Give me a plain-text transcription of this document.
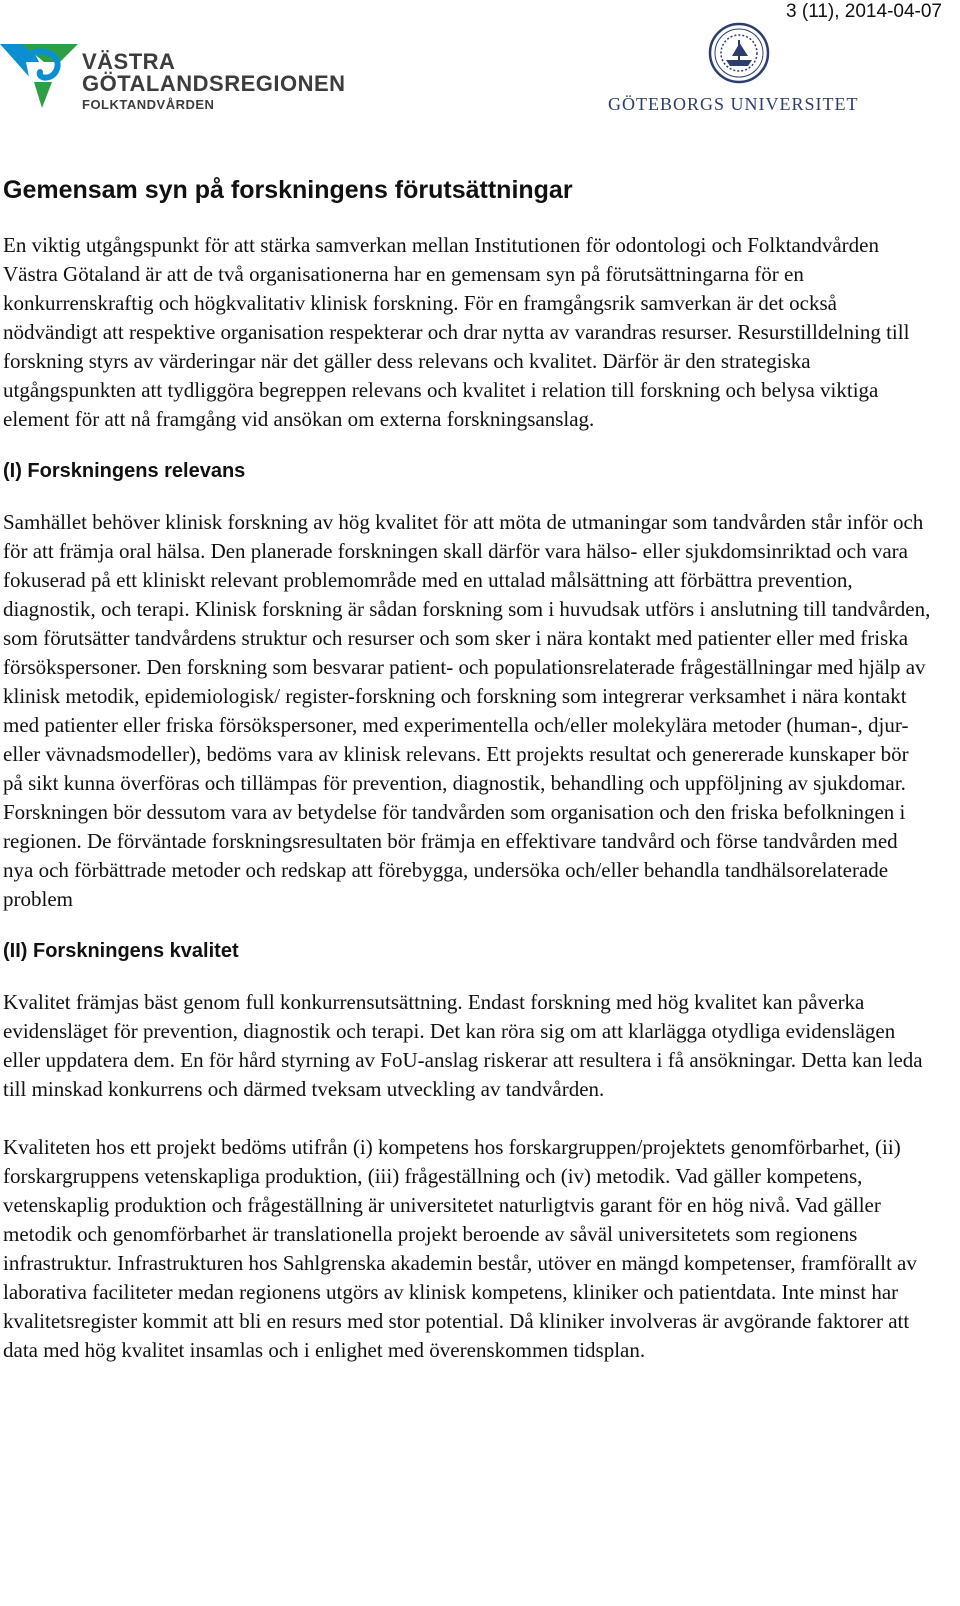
3 (11), 2014-04-07
VÄSTRA
GÖTALANDSREGIONEN
FOLKTANDVÅRDEN	GÖTEBORGS UNIVERSITET
Gemensam syn på forskningens förutsättningar

En viktig utgångspunkt för att stärka samverkan mellan Institutionen för odontologi och Folktandvården Västra Götaland är att de två organisationerna har en gemensam syn på förutsättningarna för en konkurrenskraftig och högkvalitativ klinisk forskning. För en framgångsrik samverkan är det också nödvändigt att respektive organisation respekterar och drar nytta av varandras resurser. Resurstilldelning till forskning styrs av värderingar när det gäller dess relevans och kvalitet. Därför är den strategiska utgångspunkten att tydliggöra begreppen relevans och kvalitet i relation till forskning och belysa viktiga element för att nå framgång vid ansökan om externa forskningsanslag.

(I) Forskningens relevans

Samhället behöver klinisk forskning av hög kvalitet för att möta de utmaningar som tandvården står inför och för att främja oral hälsa. Den planerade forskningen skall därför vara hälso- eller sjukdomsinriktad och vara fokuserad på ett kliniskt relevant problemområde med en uttalad målsättning att förbättra prevention, diagnostik, och terapi. Klinisk forskning är sådan forskning som i huvudsak utförs i anslutning till tandvården, som förutsätter tandvårdens struktur och resurser och som sker i nära kontakt med patienter eller med friska försökspersoner. Den forskning som besvarar patient- och populationsrelaterade frågeställningar med hjälp av klinisk metodik, epidemiologisk/ register-forskning och forskning som integrerar verksamhet i nära kontakt med patienter eller friska försökspersoner, med experimentella och/eller molekylära metoder (human-, djur- eller vävnadsmodeller), bedöms vara av klinisk relevans. Ett projekts resultat och genererade kunskaper bör på sikt kunna överföras och tillämpas för prevention, diagnostik, behandling och uppföljning av sjukdomar. Forskningen bör dessutom vara av betydelse för tandvården som organisation och den friska befolkningen i regionen. De förväntade forskningsresultaten bör främja en effektivare tandvård och förse tandvården med nya och förbättrade metoder och redskap att förebygga, undersöka och/eller behandla tandhälsorelaterade problem

(II) Forskningens kvalitet

Kvalitet främjas bäst genom full konkurrensutsättning. Endast forskning med hög kvalitet kan påverka evidensläget för prevention, diagnostik och terapi. Det kan röra sig om att klarlägga otydliga evidenslägen eller uppdatera dem. En för hård styrning av FoU-anslag riskerar att resultera i få ansökningar. Detta kan leda till minskad konkurrens och därmed tveksam utveckling av tandvården.

Kvaliteten hos ett projekt bedöms utifrån (i) kompetens hos forskargruppen/projektets genomförbarhet, (ii) forskargruppens vetenskapliga produktion, (iii) frågeställning och (iv) metodik. Vad gäller kompetens, vetenskaplig produktion och frågeställning är universitetet naturligtvis garant för en hög nivå. Vad gäller metodik och genomförbarhet är translationella projekt beroende av såväl universitetets som regionens infrastruktur. Infrastrukturen hos Sahlgrenska akademin består, utöver en mängd kompetenser, framförallt av laborativa faciliteter medan regionens utgörs av klinisk kompetens, kliniker och patientdata. Inte minst har kvalitetsregister kommit att bli en resurs med stor potential. Då kliniker involveras är avgörande faktorer att data med hög kvalitet insamlas och i enlighet med överenskommen tidsplan.
